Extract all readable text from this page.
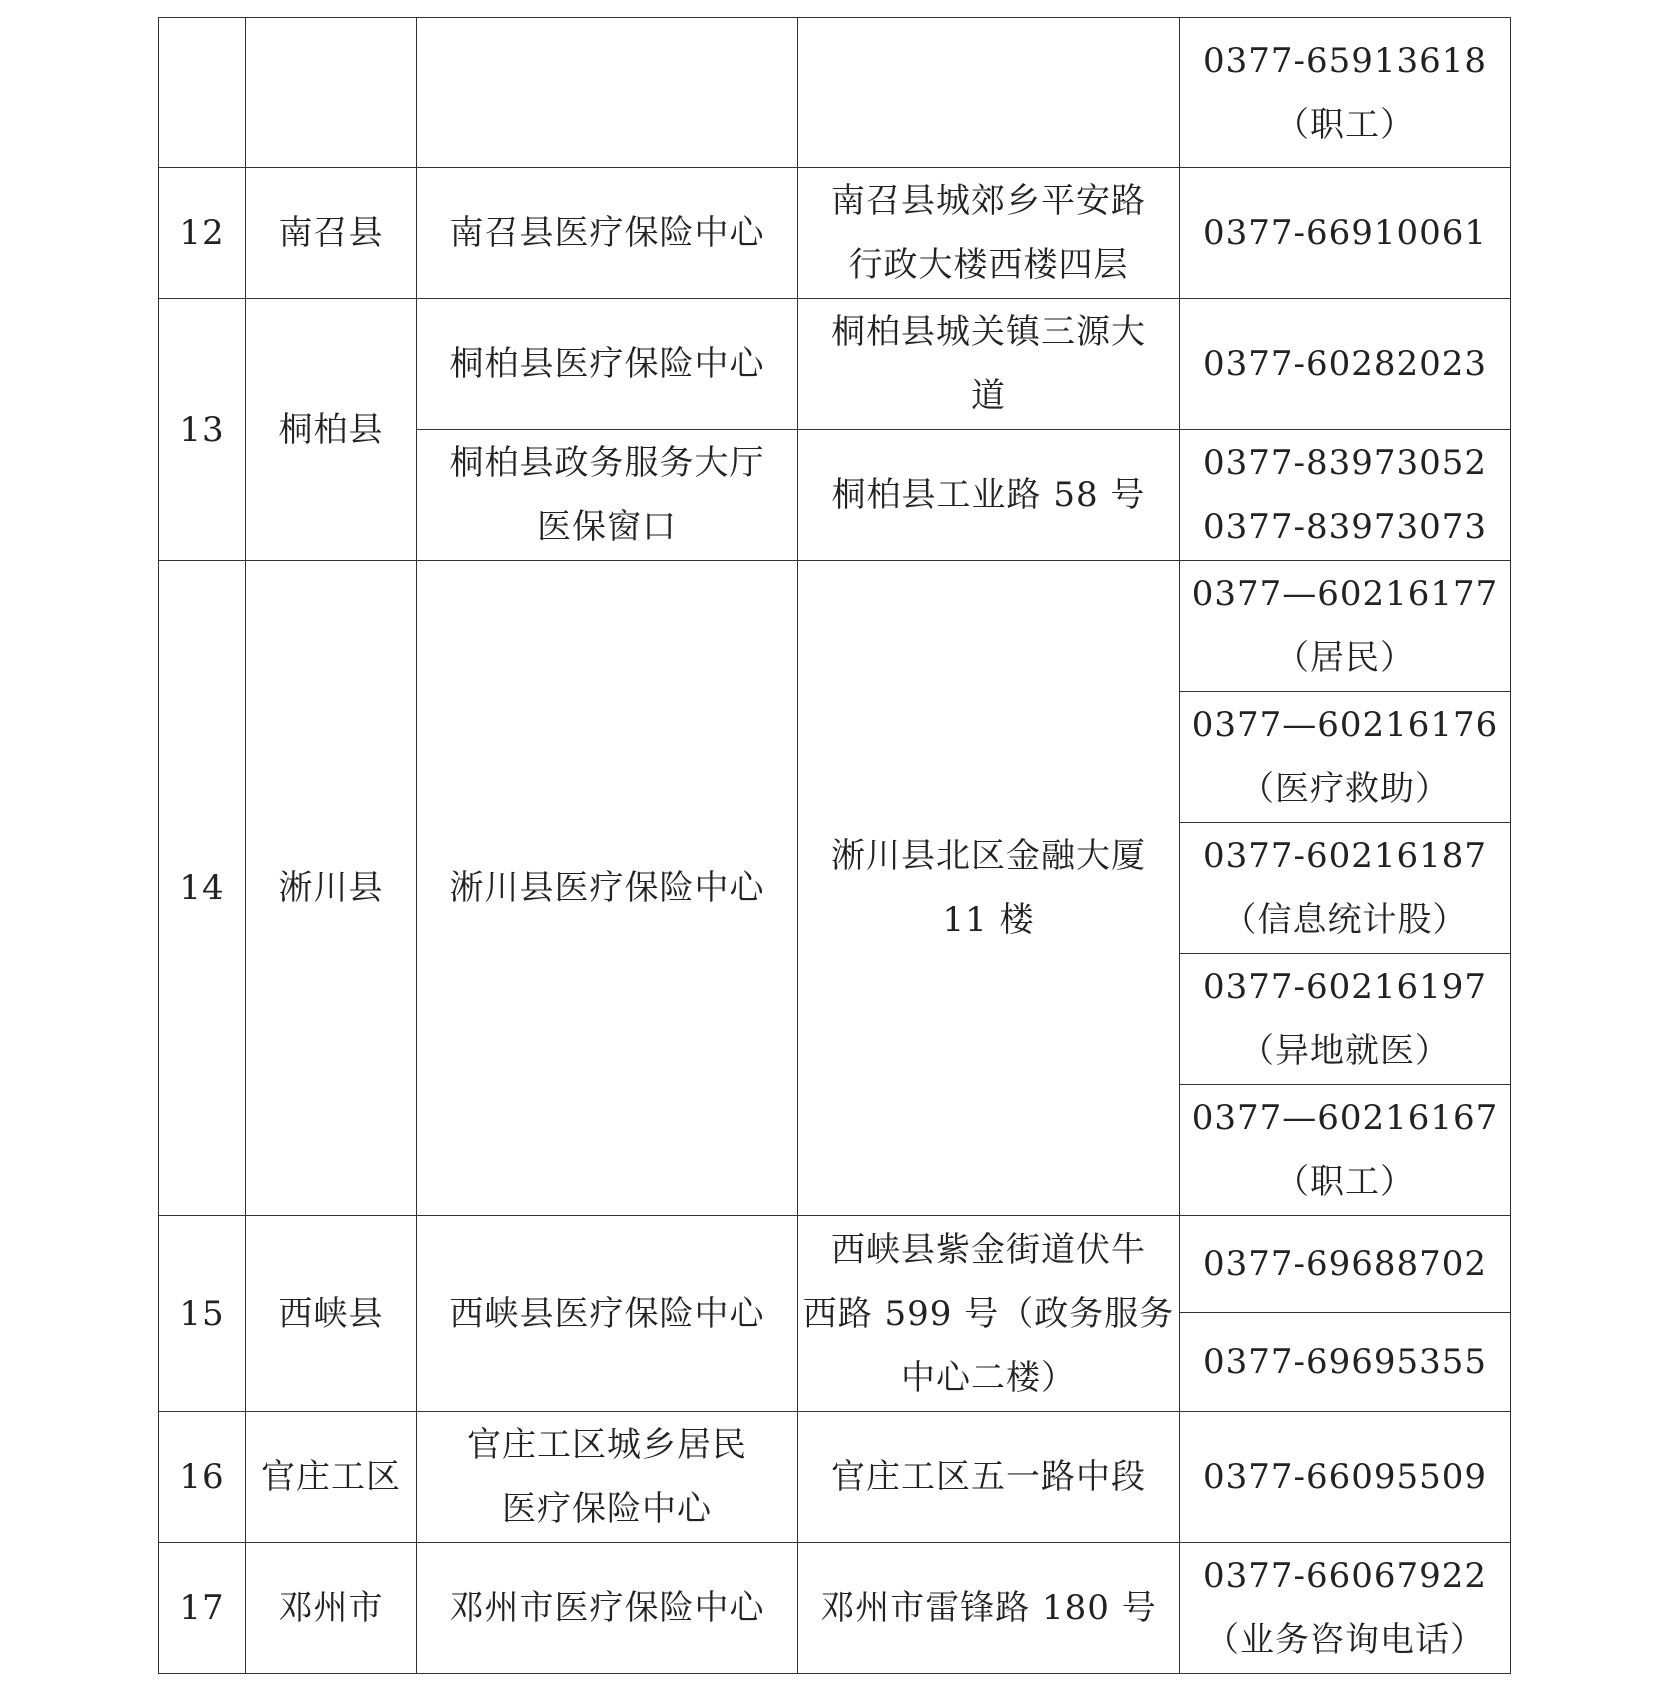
				0377-65913618
（职工）

12	南召县	南召县医疗保险中心	南召县城郊乡平安路
行政大楼西楼四层	0377-66910061
13	桐柏县	桐柏县医疗保险中心	桐柏县城关镇三源大
道	0377-60282023

		桐柏县政务服务大厅
医保窗口	桐柏县工业路 58 号	0377-83973052
0377-83973073

14	淅川县	淅川县医疗保险中心	淅川县北区金融大厦
11 楼	0377—60216177
（居民）

				0377—60216176
（医疗救助）

				0377-60216187
（信息统计股）

				0377-60216197
（异地就医）

				0377—60216167
（职工）

15	西峡县	西峡县医疗保险中心	西峡县紫金街道伏牛
西路 599 号（政务服务
中心二楼）	0377-69688702
				0377-69695355
16	官庄工区	官庄工区城乡居民
医疗保险中心	官庄工区五一路中段	0377-66095509
17	邓州市	邓州市医疗保险中心	邓州市雷锋路 180 号	0377-66067922
（业务咨询电话）
